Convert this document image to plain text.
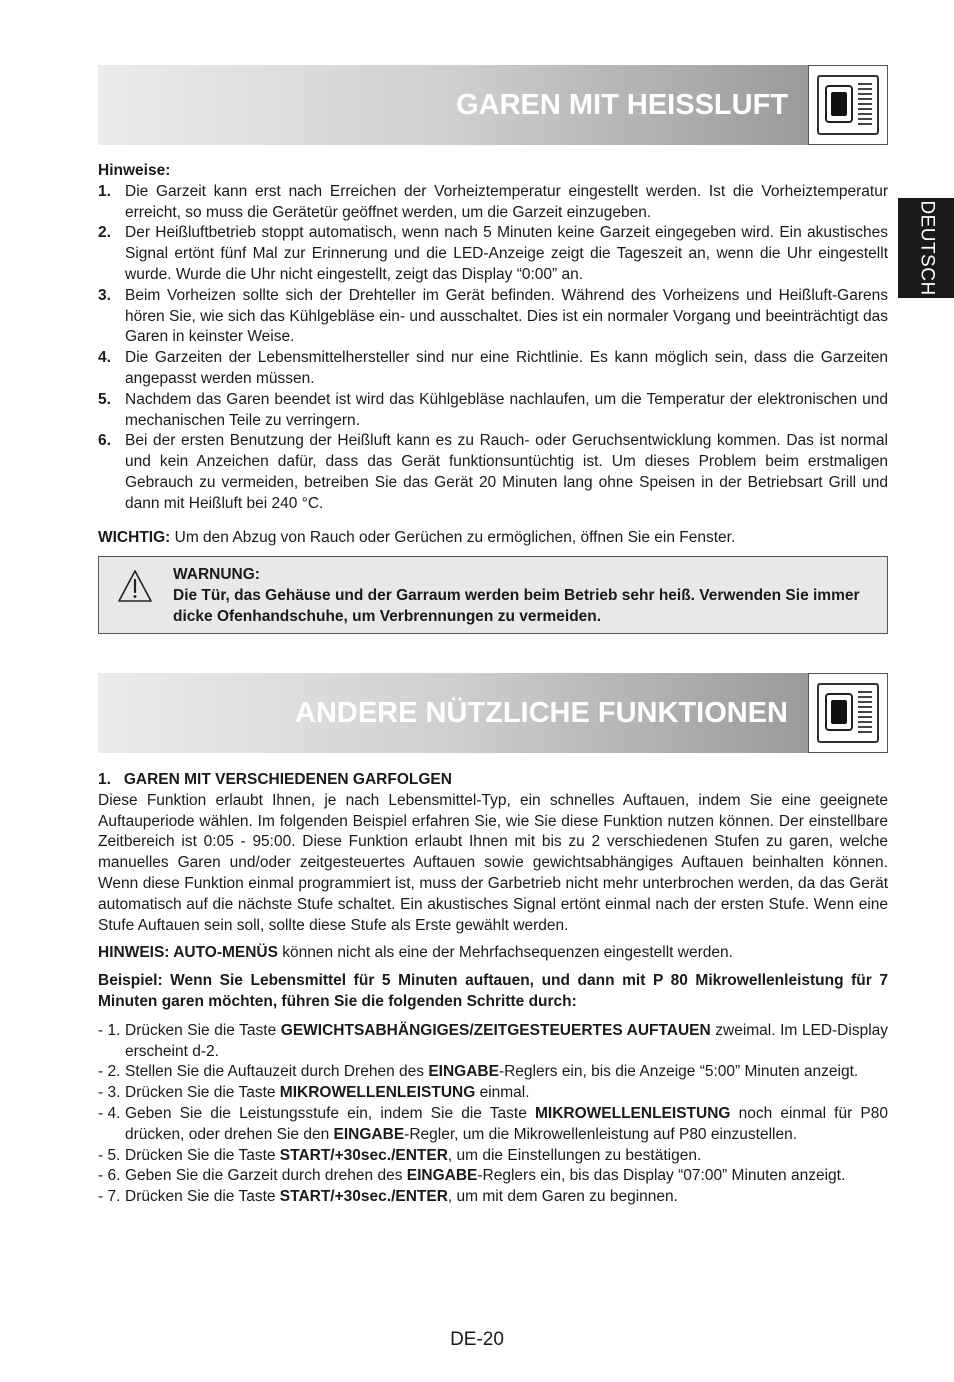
GAREN MIT HEISSLUFT
DEUTSCH

Hinweise:

1. Die Garzeit kann erst nach Erreichen der Vorheiztemperatur eingestellt werden. Ist die Vorheiztemperatur erreicht, so muss die Gerätetür geöffnet werden, um die Garzeit einzugeben.
2. Der Heißluftbetrieb stoppt automatisch, wenn nach 5 Minuten keine Garzeit eingegeben wird. Ein akustisches Signal ertönt fünf Mal zur Erinnerung und die LED-Anzeige zeigt die Tageszeit an, wenn die Uhr eingestellt wurde. Wurde die Uhr nicht eingestellt, zeigt das Display “0:00” an.
3. Beim Vorheizen sollte sich der Drehteller im Gerät befinden. Während des Vorheizens und Heißluft-Garens hören Sie, wie sich das Kühlgebläse ein- und ausschaltet. Dies ist ein normaler Vorgang und beeinträchtigt das Garen in keinster Weise.
4. Die Garzeiten der Lebensmittelhersteller sind nur eine Richtlinie. Es kann möglich sein, dass die Garzeiten angepasst werden müssen.
5. Nachdem das Garen beendet ist wird das Kühlgebläse nachlaufen, um die Temperatur der elektronischen und mechanischen Teile zu verringern.
6. Bei der ersten Benutzung der Heißluft kann es zu Rauch- oder Geruchsentwicklung kommen. Das ist normal und kein Anzeichen dafür, dass das Gerät funktionsuntüchtig ist. Um dieses Problem beim erstmaligen Gebrauch zu vermeiden, betreiben Sie das Gerät 20 Minuten lang ohne Speisen in der Betriebsart Grill und dann mit Heißluft bei 240 °C.

WICHTIG: Um den Abzug von Rauch oder Gerüchen zu ermöglichen, öffnen Sie ein Fenster.

WARNUNG:
Die Tür, das Gehäuse und der Garraum werden beim Betrieb sehr heiß. Verwenden Sie immer dicke Ofenhandschuhe, um Verbrennungen zu vermeiden.
ANDERE NÜTZLICHE FUNKTIONEN

1.   GAREN MIT VERSCHIEDENEN GARFOLGEN

Diese Funktion erlaubt Ihnen, je nach Lebensmittel-Typ, ein schnelles Auftauen, indem Sie eine geeignete Auftauperiode wählen. Im folgenden Beispiel erfahren Sie, wie Sie diese Funktion nutzen können. Der einstellbare Zeitbereich ist 0:05 - 95:00. Diese Funktion erlaubt Ihnen mit bis zu 2 verschiedenen Stufen zu garen, welche manuelles Garen und/oder zeitgesteuertes Auftauen sowie gewichtsabhängiges Auftauen beinhalten können. Wenn diese Funktion einmal programmiert ist, muss der Garbetrieb nicht mehr unterbrochen werden, da das Gerät automatisch auf die nächste Stufe schaltet. Ein akustisches Signal ertönt einmal nach der ersten Stufe. Wenn eine Stufe Auftauen sein soll, sollte diese Stufe als Erste gewählt werden.

HINWEIS: AUTO-MENÜS können nicht als eine der Mehrfachsequenzen eingestellt werden.

Beispiel: Wenn Sie Lebensmittel für 5 Minuten auftauen, und dann mit P 80 Mikrowellenleistung für 7 Minuten garen möchten, führen Sie die folgenden Schritte durch:

- 1. Drücken Sie die Taste GEWICHTSABHÄNGIGES/ZEITGESTEUERTES AUFTAUEN zweimal. Im LED-Display erscheint d-2.
- 2. Stellen Sie die Auftauzeit durch Drehen des EINGABE-Reglers ein, bis die Anzeige “5:00” Minuten anzeigt.
- 3. Drücken Sie die Taste MIKROWELLENLEISTUNG einmal.
- 4. Geben Sie die Leistungsstufe ein, indem Sie die Taste MIKROWELLENLEISTUNG noch einmal für P80 drücken, oder drehen Sie den EINGABE-Regler, um die Mikrowellenleistung auf P80 einzustellen.
- 5. Drücken Sie die Taste START/+30sec./ENTER, um die Einstellungen zu bestätigen.
- 6. Geben Sie die Garzeit durch drehen des EINGABE-Reglers ein, bis das Display “07:00” Minuten anzeigt.
- 7. Drücken Sie die Taste START/+30sec./ENTER, um mit dem Garen zu beginnen.
DE-20
